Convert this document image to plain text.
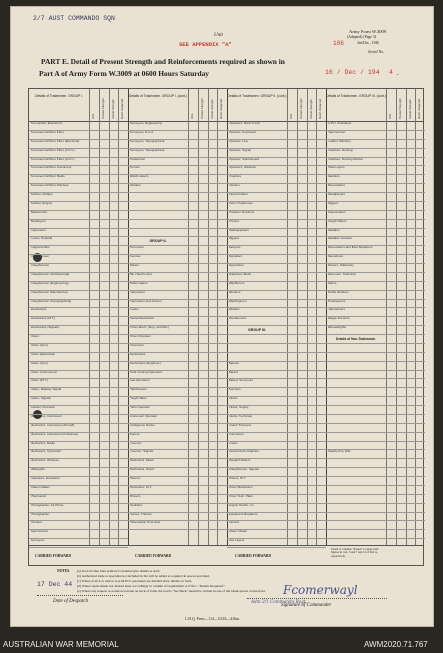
2/7 AUST COMMANDO SQN
Unit
SEE APPENDIX "A"
Army Form W.3009
(Adapted) (Page 3)
106	2nd Dec., 1940
Serial No.
PART E. Detail of Present Strength and Reinforcements required as shown in
Part A of Army Form W.3009 at 0600 Hours Saturday	16 / Dec / 194 4 .
Details of Tradesmen. GROUP I.
W.E. Posted Strength Actual Strength Reinf. Required
Ammunition Examiners
Armament Artificer Fitter
Armament Artificer Fitter (Electrical)
Armament Artificer Fitter (A.F.V.)
Armament Artificer Fitter (A.F.V.)
Armament Artificer Instrument
Armament Artificer Radio
Armament Artificer Wireless
Artificer, Artillery
Artificer, Engine
Blacksmiths
Bricklayers
Carpenters
Cooks, Hospital
Coppersmiths
Draughtsmen
Draughtsmen
Draughtsmen (Architectural)
Draughtsmen (Engineering)
Draughtsmen (Mechanical)
Draughtsmen (Topographical)
Electricians
Electricians (M.T.)
Electricians (Signals)
Fitters
Fitters (Gun)
Fitters (Electrical)
Fitters (Gun)
Fitters (Instrument)
Fitters (M.T.)
Fitters, Railway Signal
Fitters, Signals
Grinder, Precision
Mechanics, Instrument
Mechanics, Instrument (Aircraft)
Mechanics, Instrument (Ordnance)
Mechanics, Radio
Mechanics, Typewriter
Mechanics, Wireless
Millwrights
Operators, Excavator
Pattern Maker
Pharmacist
Photographer, Air Photo
Photographer
Plumber
Saw Doctors
Surveyors
Details of Tradesmen. GROUP I. (cont.)
W.E. Posted Strength Actual Strength Reinf. Required
Surveyors, Engineering
Surveyors, R.A.A.
Surveyors, Topographical
Surveyors, Topographical
Tradesmen
Turners
Watchmakers
Welders
Armourers
Axemen
Bakers
Blk. Hand's Asst.
Boilermakers
Carpenters
Carpenters and Joiners
Cooks
Dental Mechanics
Driver-Mech. (Eng. and Mct.)
Driver-Operator
Drummers
Electricians
Electricians (Engineer)
Field Costing Operators
Gas Operators
Hairdressers
Height Taker
Helio Operator
Instrument Operator
Intelligence Duties
Joiners
Linemen
Linemen, Signals
Machinists, Metal
Machinists, Wood
Masons
Mechanics, M.T.
Mincers
Moulders
Nurses, Trained
Observation Post Asst.
Details of Tradesmen. GROUP II. (cont.)
W.E. Posted Strength Actual Strength Reinf. Required
Operators, Rivet Anvils
Operator, Keyboard
Operator, Line
Operator, Signal
Operator, Switchboard
Operators, Wireless
Orderlies
Painters
Panel Knitters
Petrol Tradesmen
Predictor Numbers
Printers
Radiographers
Riggers
Sawyers
Signallers
Signwriters
Telephone Mech.
Wall Borers
Wireless
Washingmen
Welders
Woodturners
Batmen
Bakers
Battery Surveyors
Butchers
Clerks
Clerks, Supply
Clerks, Technical
Coach Trimmers
Concreters
Cooks
Dental Clerk Orderlies
Dispatch Riders
Draughtsmen, Signals
Drivers, M.T.
Driver Mechanics
Driver Tech. Plant
Engine Hands, I.C.
Equipment Repairers
Farriers
Fitters' Mates
Gas Layers
Details of Tradesmen. GROUP III. (cont.)
W.E. Posted Strength Actual Strength Reinf. Required
G.P.O. Assistants
Hammermen
Leather Stitchers
Orderlies, Nursing
Orderlies, Nursing Mental
Plate Layers
Saddlers
Shoemakers
Slaughterers
Riggers
Ropeworkers
Rough Riders
Saddlers
Saddlers' workers
Shoemakers and Boot Repairers
Stevedores
Stokers, Stationary
Storemen, Technical
Tailors
Textile Refitters
Timekeepers
Upholsterers
Wagon Erectors
Wheelwrights
Attached by W.E.
GROUP II.
GROUP III.
Details of Non-Tradesmen.
CARRIED FORWARD	CARRIED FORWARD	CARRIED FORWARD
Totals of columns "Posted" to agree with figures in cols. 5 and 7 and 12 of Part A, respectively.
NOTES. (a) In each other than primary is detailed give details as such.
(b) Authorized trade or specialist not included in list will be added as required in spaces provided.
(c) Where A.W.A.S. and/or A.A.M.W.S. personnel are detailed show details on back.
(d) Where replacement not desired enter accordingly in column of requirement or if R.C. "Details Requered".
(e) Where any request or notation is made on back of form, the words "See Back" should be written in one of the blank spaces on the front.
17 Dec 44
Date of Despatch
Fcomerwayl
Adm 2/1 Commando Regt.
Signature of Commander
L.H.Q. Press—114—10/43—416m.
AUSTRALIAN WAR MEMORIAL	AWM2020.71.767
